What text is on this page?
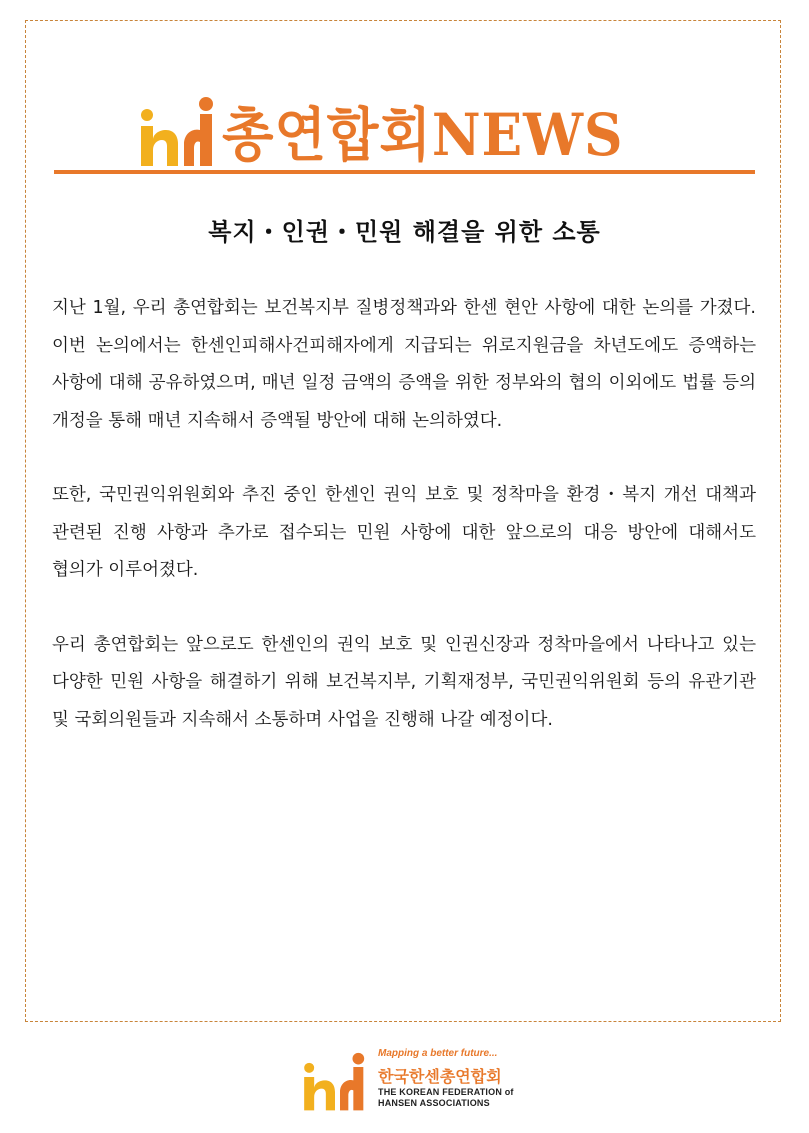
총연합회NEWS
복지・인권・민원 해결을 위한 소통

지난 1월, 우리 총연합회는 보건복지부 질병정책과와 한센 현안 사항에 대한 논의를 가졌다. 이번 논의에서는 한센인피해사건피해자에게 지급되는 위로지원금을 차년도에도 증액하는 사항에 대해 공유하였으며, 매년 일정 금액의 증액을 위한 정부와의 협의 이외에도 법률 등의 개정을 통해 매년 지속해서 증액될 방안에 대해 논의하였다.

또한, 국민권익위원회와 추진 중인 한센인 권익 보호 및 정착마을 환경・복지 개선 대책과 관련된 진행 사항과 추가로 접수되는 민원 사항에 대한 앞으로의 대응 방안에 대해서도 협의가 이루어졌다.

우리 총연합회는 앞으로도 한센인의 권익 보호 및 인권신장과 정착마을에서 나타나고 있는 다양한 민원 사항을 해결하기 위해 보건복지부, 기획재정부, 국민권익위원회 등의 유관기관 및 국회의원들과 지속해서 소통하며 사업을 진행해 나갈 예정이다.

Mapping a better future...
한국한센총연합회
THE KOREAN FEDERATION of
HANSEN ASSOCIATIONS
